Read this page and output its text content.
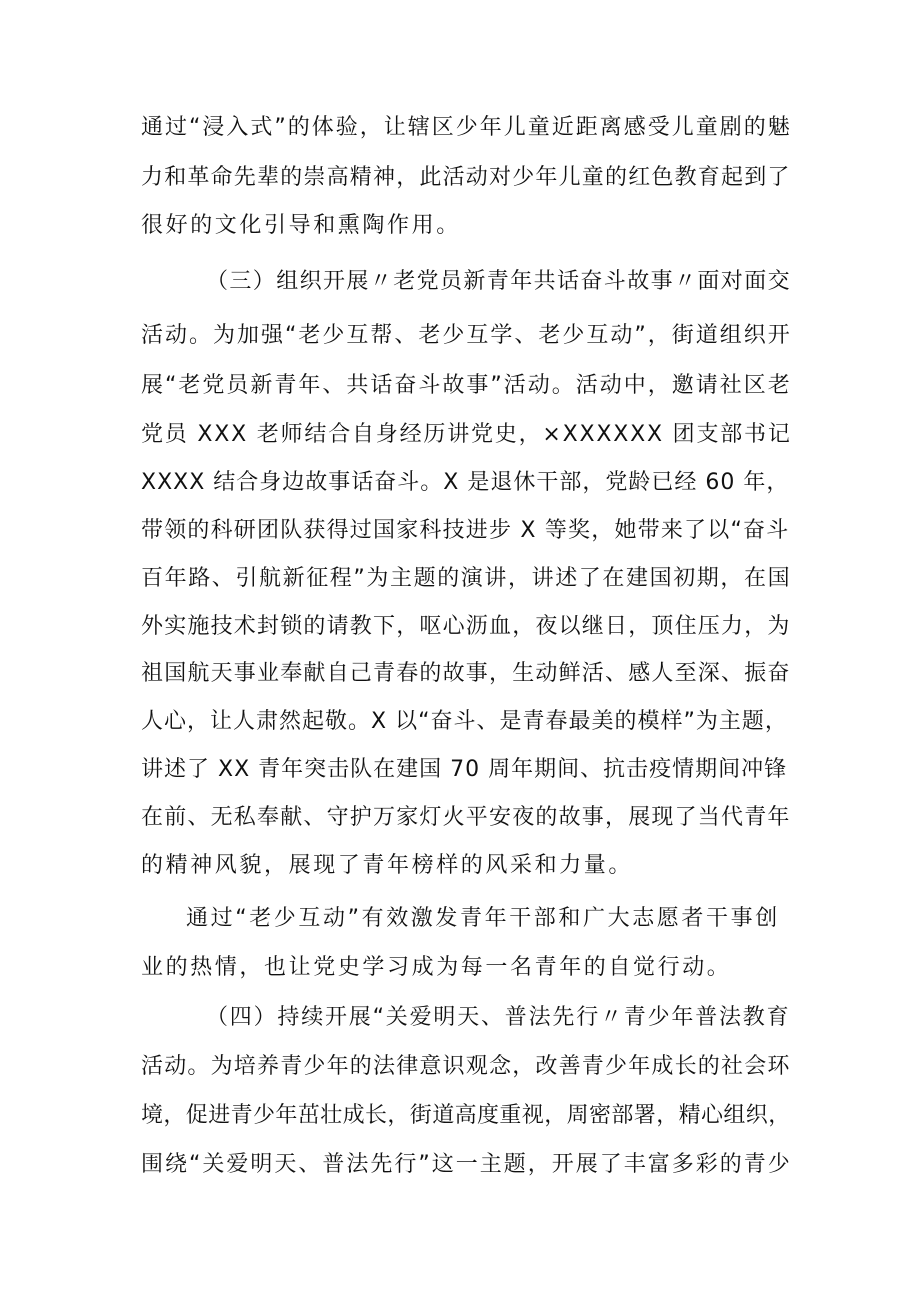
通过“浸入式”的体验，让辖区少年儿童近距离感受儿童剧的魅
力和革命先辈的崇高精神，此活动对少年儿童的红色教育起到了
很好的文化引导和熏陶作用。
（三）组织开展〃老党员新青年共话奋斗故事〃面对面交
活动。为加强“老少互帮、老少互学、老少互动”，街道组织开
展“老党员新青年、共话奋斗故事”活动。活动中，邀请社区老
党员 XXX 老师结合自身经历讲党史，×XXXXXX 团支部书记
XXXX 结合身边故事话奋斗。X 是退休干部，党龄已经 60 年，
带领的科研团队获得过国家科技进步 X 等奖，她带来了以“奋斗
百年路、引航新征程”为主题的演讲，讲述了在建国初期，在国
外实施技术封锁的请教下，呕心沥血，夜以继日，顶住压力，为
祖国航天事业奉献自己青春的故事，生动鲜活、感人至深、振奋
人心，让人肃然起敬。X 以“奋斗、是青春最美的模样”为主题，
讲述了 XX 青年突击队在建国 70 周年期间、抗击疫情期间冲锋
在前、无私奉献、守护万家灯火平安夜的故事，展现了当代青年
的精神风貌，展现了青年榜样的风采和力量。
通过“老少互动”有效激发青年干部和广大志愿者干事创
业的热情，也让党史学习成为每一名青年的自觉行动。
（四）持续开展“关爱明天、普法先行〃青少年普法教育
活动。为培养青少年的法律意识观念，改善青少年成长的社会环
境，促进青少年茁壮成长，街道高度重视，周密部署，精心组织，
围绕“关爱明天、普法先行”这一主题，开展了丰富多彩的青少
